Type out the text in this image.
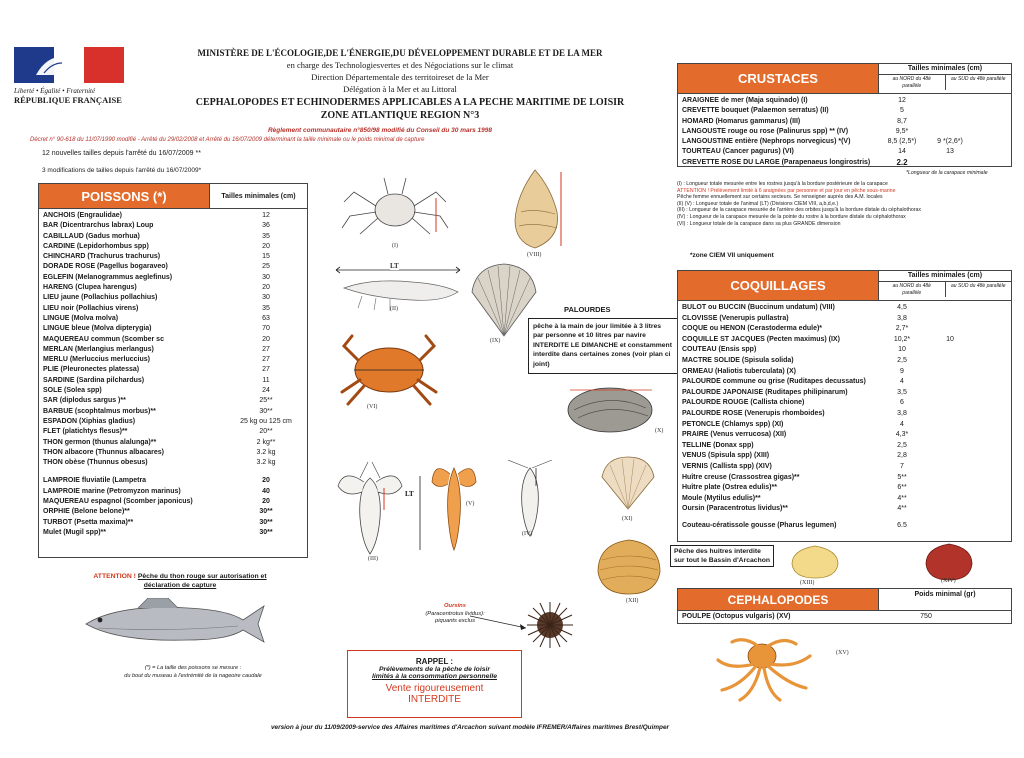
Liberté • Égalité • Fraternité
RÉPUBLIQUE FRANÇAISE
MINISTÈRE DE L'ÉCOLOGIE,DE L'ÉNERGIE,DU DÉVELOPPEMENT DURABLE ET DE LA MER
en charge des Technologiesvertes et des Négociations sur le climat
Direction Départementale des territoireset de la Mer
Délégation à la Mer et au Littoral
CEPHALOPODES ET ECHINODERMES APPLICABLES A LA PECHE MARITIME DE LOISIR
ZONE ATLANTIQUE REGION N°3
Règlement communautaire n°850/98 modifié du Conseil du 30 mars 1998
Décret n° 90-618 du 11/07/1990 modifié - Arrêté du 29/02/2008 et Arrêté du 16/07/2009 déterminant la taille minimale ou le poids minimal de capture
12 nouvelles tailles depuis l'arrêté du 16/07/2009 **
3 modifications de tailles depuis l'arrêté du 16/07/2009*
POISSONS (*)	Tailles minimales (cm)
ANCHOIS (Engraulidae)	12
BAR (Dicentrarchus labrax) Loup	36
CABILLAUD (Gadus morhua)	35
CARDINE (Lepidorhombus spp)	20
CHINCHARD (Trachurus trachurus)	15
DORADE ROSE (Pagellus bogaraveo)	25
EGLEFIN (Melanogrammus aeglefinus)	30
HARENG (Clupea harengus)	20
LIEU jaune (Pollachius pollachius)	30
LIEU noir (Pollachius virens)	35
LINGUE (Molva molva)	63
LINGUE bleue (Molva dipterygia)	70
MAQUEREAU commun (Scomber sc	20
MERLAN (Merlangius merlangus)	27
MERLU (Merluccius merluccius)	27
PLIE (Pleuronectes platessa)	27
SARDINE (Sardina pilchardus)	11
SOLE (Solea spp)	24
SAR (diplodus sargus )**	25**
BARBUE (scophtalmus morbus)**	30**
ESPADON (Xiphias gladius)	25 kg ou 125 cm
FLET (platichtys flesus)**	20**
THON germon (thunus alalunga)**	2 kg**
THON albacore (Thunnus albacares)	3.2 kg
THON obèse (Thunnus obesus)	3.2 kg
LAMPROIE fluviatile (Lampetra	20
LAMPROIE marine (Petromyzon marinus)	40
MAQUEREAU espagnol (Scomber japonicus)	20
ORPHIE (Belone belone)**	30**
TURBOT (Psetta maxima)**	30**
Mulet (Mugil spp)**	30**
ATTENTION ! Pêche du thon rouge sur autorisation et
déclaration de capture
(*) = La taille des poissons se mesure :
du bout du museau à l'extrémité de la nageoire caudale
(I)
(VIII)
LT
(II)
(IX)
PALOURDES
pêche à la main de jour limitée à 3 litres par personne et 10 litres par navire INTERDITE LE DIMANCHE et constamment interdite dans certaines zones (voir plan ci joint)
(VI)
(X)
(III)
LT
(V)
(IV)
(XI)
(XII)
Pêche des huitres interdite
sur tout le Bassin d'Arcachon
(XIII)	(XIV)
Oursins
(Paracentrotus lividus):
piquants exclus
RAPPEL :
Prélèvements de la pêche de loisir
limités à la consommation personnelle
Vente rigoureusement
INTERDITE
CRUSTACES
Tailles minimales (cm)
au NORD du 48è parallèle
au SUD du 48è parallèle
ARAIGNEE de mer (Maja squinado) (I)	12
CREVETTE bouquet (Palaemon serratus) (II)	5
HOMARD (Homarus gammarus) (III)	8,7
LANGOUSTE rouge ou rose (Palinurus spp) ** (IV)	9,5*
LANGOUSTINE entière (Nephrops norvegicus) *(V)	8,5 (2,5*)	9 *(2,6*)
TOURTEAU (Cancer pagurus) (VI)	14	13
CREVETTE ROSE DU LARGE (Parapenaeus longirostris)	2.2
*Longueur de la carapace minimale
(I) : Longueur totale mesurée entre les rostres jusqu'à la bordure postérieure de la carapace
ATTENTION ! Prélèvement limité à 6 araignées par personne et par jour en pêche sous-marine
Pêche femme ennuellement sur certains secteurs. Se renseigner auprès des A.M. locales
(II) (V) : Longueur totale de l'animal (LT) (Divisions CIEM VIII, a,b,d,e.)
(III) : Longueur de la carapace mesurée de l'arrière des orbites jusqu'à la bordure distale du céphalothorax
(IV) : Longueur de la carapace mesurée de la pointe du rostre à la bordure distale du céphalothorax
(VI) : Longueur totale de la carapace dans sa plus GRANDE dimension
*zone CIEM VII uniquement
COQUILLAGES
Tailles minimales (cm)
au NORD du 48è parallèle
au SUD du 48è parallèle
BULOT ou BUCCIN (Buccinum undatum) (VIII)	4,5
CLOVISSE (Venerupis pullastra)	3,8
COQUE ou HENON (Cerastoderma edule)*	2,7*
COQUILLE ST JACQUES (Pecten maximus) (IX)	10,2*	10
COUTEAU (Ensis spp)	10
MACTRE SOLIDE (Spisula solida)	2,5
ORMEAU (Haliotis tuberculata) (X)	9
PALOURDE commune ou grise (Ruditapes decussatus)	4
PALOURDE JAPONAISE (Ruditapes philipinarum)	3,5
PALOURDE ROUGE (Callista chione)	6
PALOURDE ROSE (Venerupis rhomboides)	3,8
PETONCLE (Chlamys spp) (XI)	4
PRAIRE (Venus verrucosa) (XII)	4,3*
TELLINE (Donax spp)	2,5
VENUS (Spisula spp) (XIII)	2,8
VERNIS (Callista spp) (XIV)	7
Huître creuse (Crassostrea gigas)**	5**
Huître plate (Ostrea edulis)**	6**
Moule (Mytilus edulis)**	4**
Oursin (Paracentrotus lividus)**	4**
Couteau-cératissole gousse (Pharus legumen)	6.5
CEPHALOPODES	Poids minimal (gr)
POULPE (Octopus vulgaris) (XV)	750
(XV)
version à jour du 11/09/2009-service des Affaires maritimes d'Arcachon suivant modèle IFREMER/Affaires maritimes Brest/Quimper
